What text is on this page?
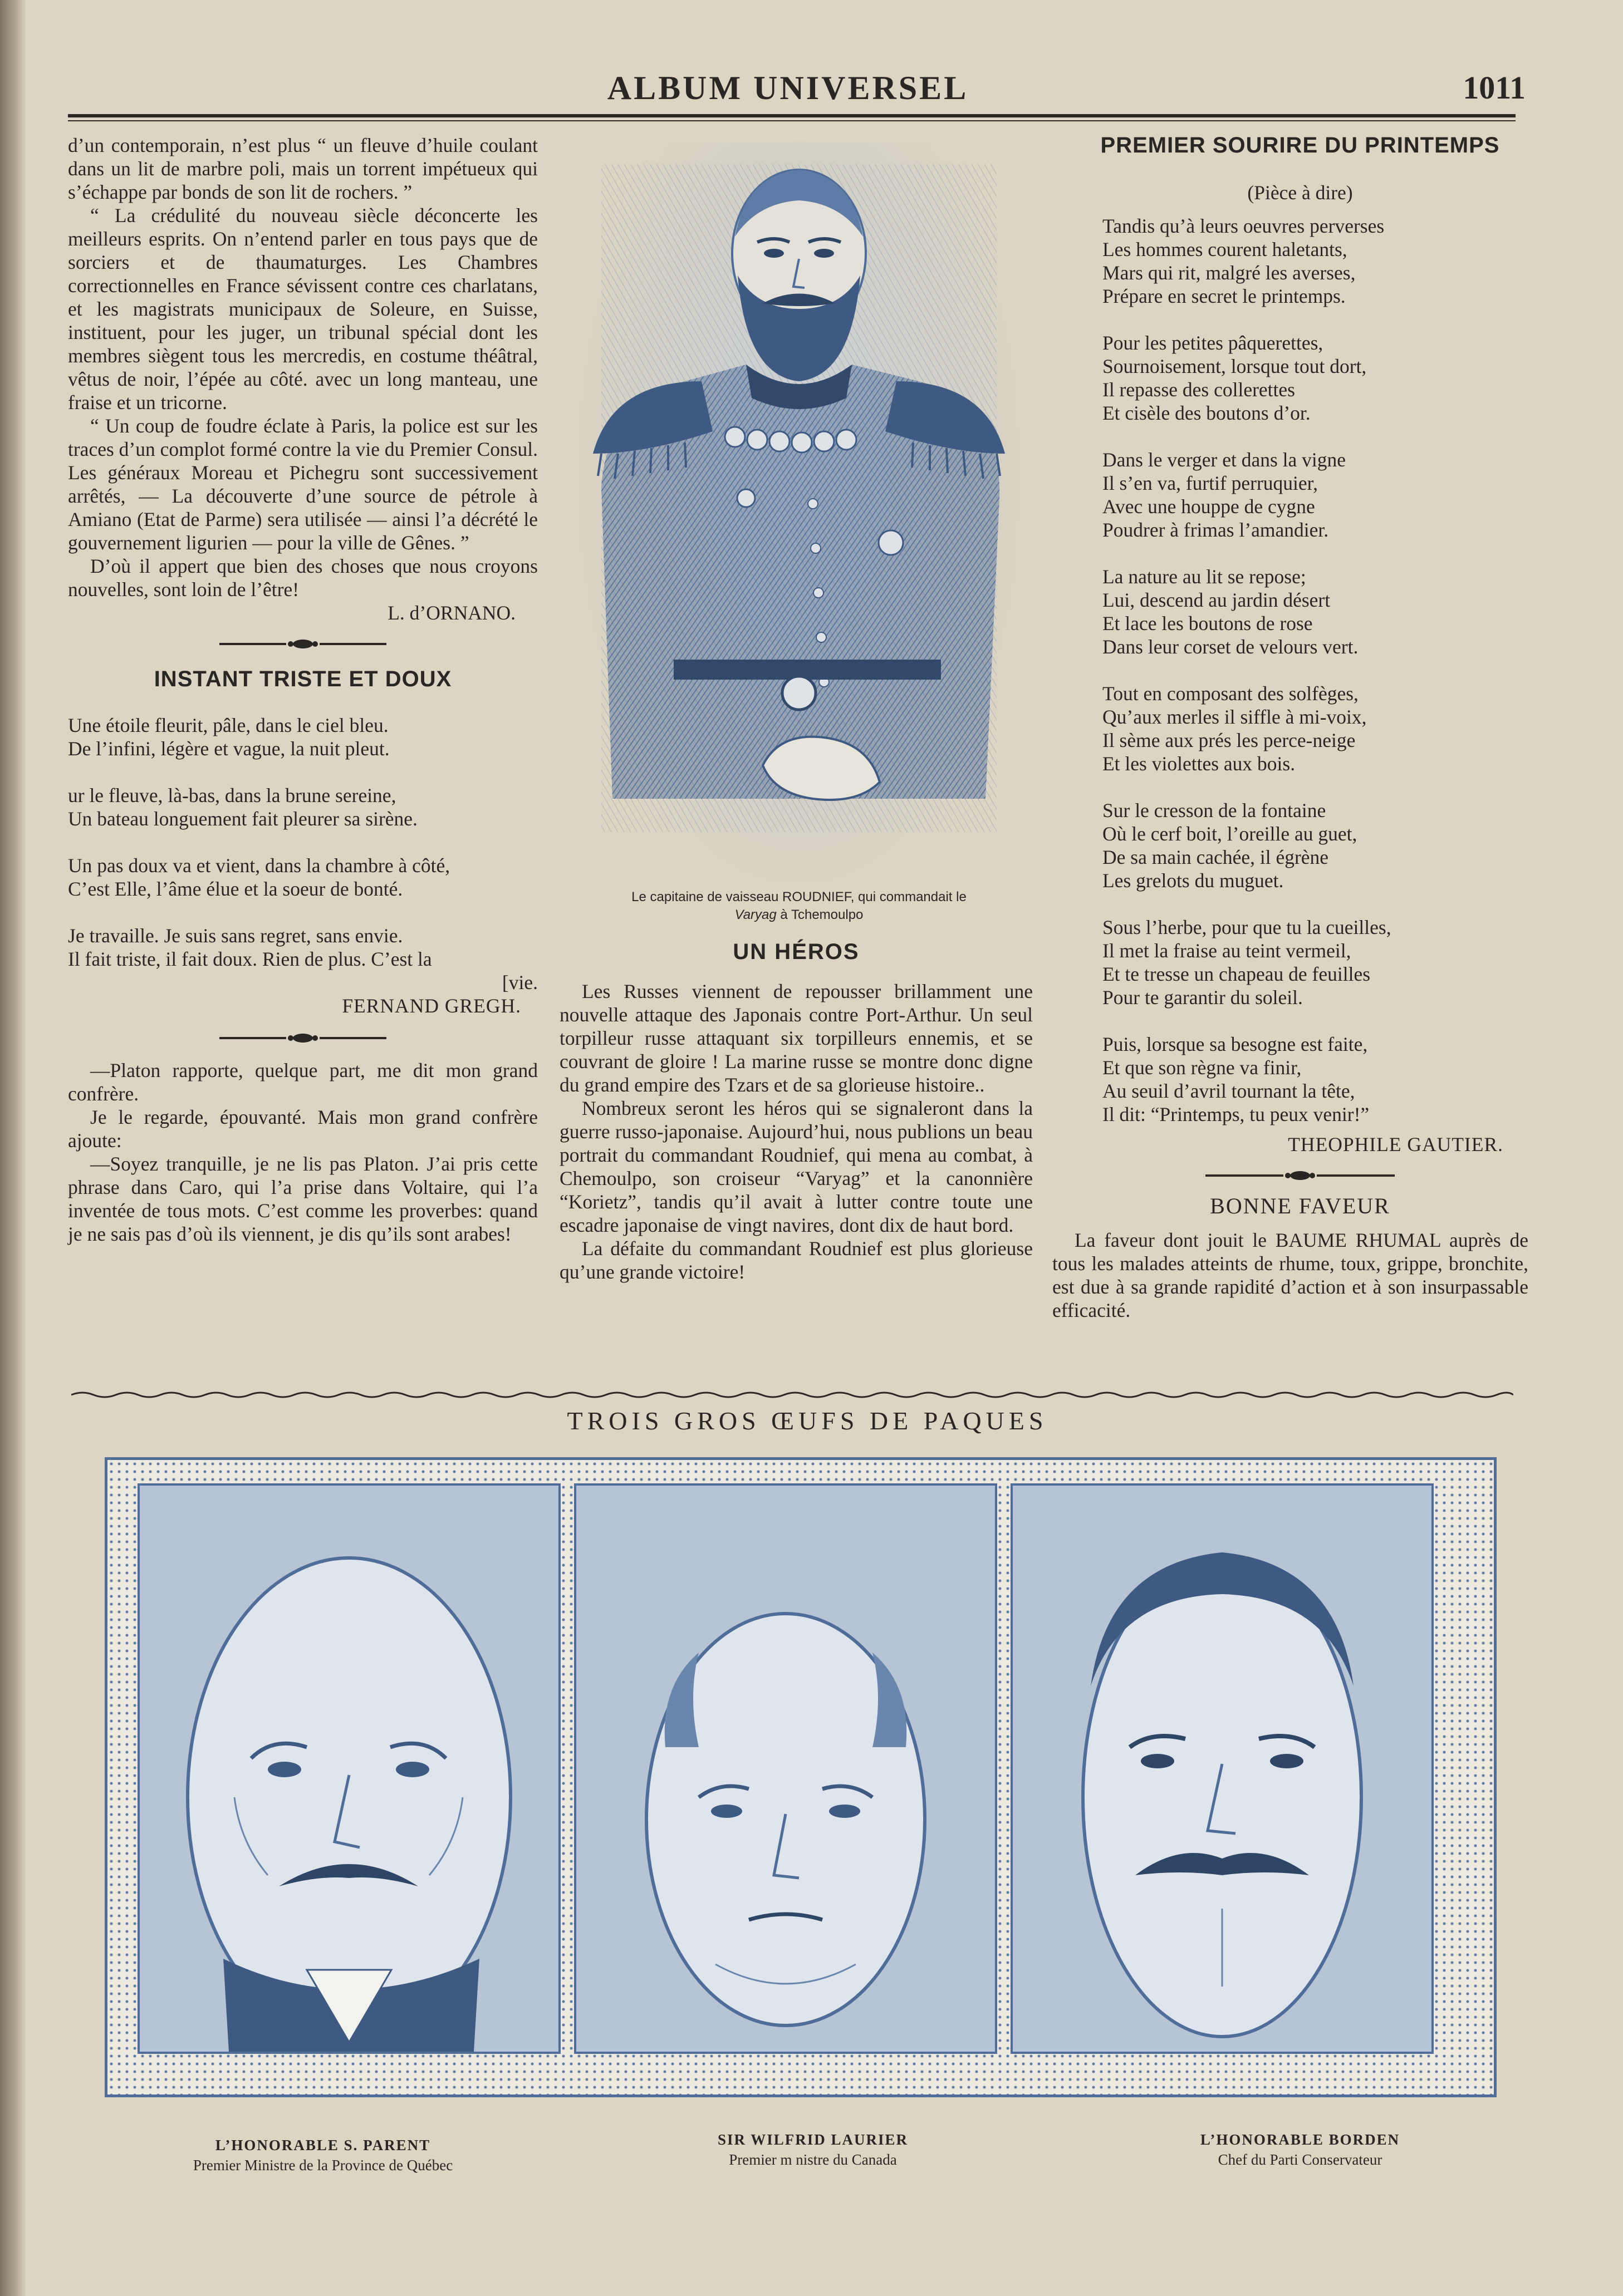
ALBUM UNIVERSEL	1011

d’un contemporain, n’est plus “ un fleuve d’huile coulant dans un lit de marbre poli, mais un torrent impétueux qui s’échappe par bonds de son lit de rochers. ”

“ La crédulité du nouveau siècle déconcerte les meilleurs esprits. On n’entend parler en tous pays que de sorciers et de thaumaturges. Les Chambres correctionnelles en France sévissent contre ces charlatans, et les magistrats municipaux de Soleure, en Suisse, instituent, pour les juger, un tribunal spécial dont les membres siègent tous les mercredis, en costume théâtral, vêtus de noir, l’épée au côté. avec un long manteau, une fraise et un tricorne.

“ Un coup de foudre éclate à Paris, la police est sur les traces d’un complot formé contre la vie du Premier Consul. Les généraux Moreau et Pichegru sont successivement arrêtés, — La découverte d’une source de pétrole à Amiano (Etat de Parme) sera utilisée — ainsi l’a décrété le gouvernement ligurien — pour la ville de Gênes. ”

D’où il appert que bien des choses que nous croyons nouvelles, sont loin de l’être!

L. d’ORNANO.
INSTANT TRISTE ET DOUX
Une étoile fleurit, pâle, dans le ciel bleu.
De l’infini, légère et vague, la nuit pleut.
ur le fleuve, là-bas, dans la brune sereine,
Un bateau longuement fait pleurer sa sirène.
Un pas doux va et vient, dans la chambre à côté,
C’est Elle, l’âme élue et la soeur de bonté.
Je travaille. Je suis sans regret, sans envie.
Il fait triste, il fait doux. Rien de plus. C’est la
[vie.
FERNAND GREGH.

—Platon rapporte, quelque part, me dit mon grand confrère.

Je le regarde, épouvanté. Mais mon grand confrère ajoute:

—Soyez tranquille, je ne lis pas Platon. J’ai pris cette phrase dans Caro, qui l’a prise dans Voltaire, qui l’a inventée de tous mots. C’est comme les proverbes: quand je ne sais pas d’où ils viennent, je dis qu’ils sont arabes!

Le capitaine de vaisseau ROUDNIEF, qui commandait le
Varyag à Tchemoulpo
UN HÉROS

Les Russes viennent de repousser brillamment une nouvelle attaque des Japonais contre Port-Arthur. Un seul torpilleur russe attaquant six torpilleurs ennemis, et se couvrant de gloire ! La marine russe se montre donc digne du grand empire des Tzars et de sa glorieuse histoire..

Nombreux seront les héros qui se signaleront dans la guerre russo-japonaise. Aujourd’hui, nous publions un beau portrait du commandant Roudnief, qui mena au combat, à Chemoulpo, son croiseur “Varyag” et la canonnière “Korietz”, tandis qu’il avait à lutter contre toute une escadre japonaise de vingt navires, dont dix de haut bord.

La défaite du commandant Roudnief est plus glorieuse qu’une grande victoire!

PREMIER SOURIRE DU PRINTEMPS
(Pièce à dire)
Tandis qu’à leurs oeuvres perverses
Les hommes courent haletants,
Mars qui rit, malgré les averses,
Prépare en secret le printemps.
Pour les petites pâquerettes,
Sournoisement, lorsque tout dort,
Il repasse des collerettes
Et cisèle des boutons d’or.
Dans le verger et dans la vigne
Il s’en va, furtif perruquier,
Avec une houppe de cygne
Poudrer à frimas l’amandier.
La nature au lit se repose;
Lui, descend au jardin désert
Et lace les boutons de rose
Dans leur corset de velours vert.
Tout en composant des solfèges,
Qu’aux merles il siffle à mi-voix,
Il sème aux prés les perce-neige
Et les violettes aux bois.
Sur le cresson de la fontaine
Où le cerf boit, l’oreille au guet,
De sa main cachée, il égrène
Les grelots du muguet.
Sous l’herbe, pour que tu la cueilles,
Il met la fraise au teint vermeil,
Et te tresse un chapeau de feuilles
Pour te garantir du soleil.
Puis, lorsque sa besogne est faite,
Et que son règne va finir,
Au seuil d’avril tournant la tête,
Il dit: “Printemps, tu peux venir!”
THEOPHILE GAUTIER.
BONNE FAVEUR

La faveur dont jouit le BAUME RHUMAL auprès de tous les malades atteints de rhume, toux, grippe, bronchite, est due à sa grande rapidité d’action et à son insurpassable efficacité.

TROIS GROS ŒUFS DE PAQUES
L’HONORABLE S. PARENT
Premier Ministre de la Province de Québec
SIR WILFRID LAURIER
Premier m nistre du Canada
L’HONORABLE BORDEN
Chef du Parti Conservateur
